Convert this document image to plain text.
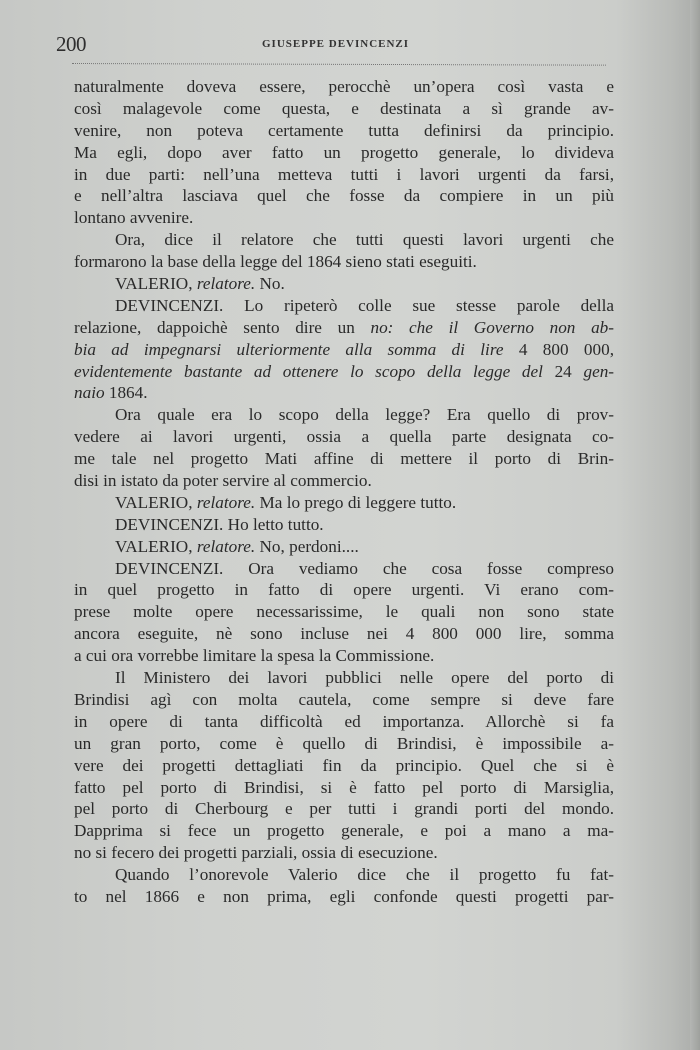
200	GIUSEPPE DEVINCENZI
naturalmente doveva essere, perocchè un’opera così vasta e
così malagevole come questa, e destinata a sì grande av-
venire, non poteva certamente tutta definirsi da principio.
Ma egli, dopo aver fatto un progetto generale, lo divideva
in due parti: nell’una metteva tutti i lavori urgenti da farsi,
e nell’altra lasciava quel che fosse da compiere in un più
lontano avvenire.
Ora, dice il relatore che tutti questi lavori urgenti che
formarono la base della legge del 1864 sieno stati eseguiti.
VALERIO, relatore. No.
DEVINCENZI. Lo ripeterò colle sue stesse parole della
relazione, dappoichè sento dire un no: che il Governo non ab-
bia ad impegnarsi ulteriormente alla somma di lire 4 800 000,
evidentemente bastante ad ottenere lo scopo della legge del 24 gen-
naio 1864.
Ora quale era lo scopo della legge? Era quello di prov-
vedere ai lavori urgenti, ossia a quella parte designata co-
me tale nel progetto Mati affine di mettere il porto di Brin-
disi in istato da poter servire al commercio.
VALERIO, relatore. Ma lo prego di leggere tutto.
DEVINCENZI. Ho letto tutto.
VALERIO, relatore. No, perdoni....
DEVINCENZI. Ora vediamo che cosa fosse compreso
in quel progetto in fatto di opere urgenti. Vi erano com-
prese molte opere necessarissime, le quali non sono state
ancora eseguite, nè sono incluse nei 4 800 000 lire, somma
a cui ora vorrebbe limitare la spesa la Commissione.
Il Ministero dei lavori pubblici nelle opere del porto di
Brindisi agì con molta cautela, come sempre si deve fare
in opere di tanta difficoltà ed importanza. Allorchè si fa
un gran porto, come è quello di Brindisi, è impossibile a-
vere dei progetti dettagliati fin da principio. Quel che si è
fatto pel porto di Brindisi, si è fatto pel porto di Marsiglia,
pel porto di Cherbourg e per tutti i grandi porti del mondo.
Dapprima si fece un progetto generale, e poi a mano a ma-
no si fecero dei progetti parziali, ossia di esecuzione.
Quando l’onorevole Valerio dice che il progetto fu fat-
to nel 1866 e non prima, egli confonde questi progetti par-
